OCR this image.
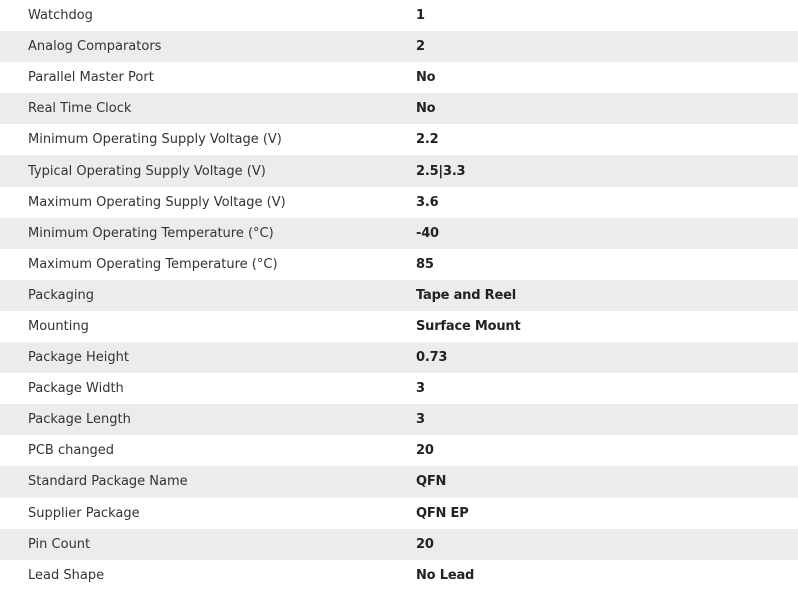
Watchdog	1
Analog Comparators	2
Parallel Master Port	No
Real Time Clock	No
Minimum Operating Supply Voltage (V)	2.2
Typical Operating Supply Voltage (V)	2.5|3.3
Maximum Operating Supply Voltage (V)	3.6
Minimum Operating Temperature (°C)	-40
Maximum Operating Temperature (°C)	85
Packaging	Tape and Reel
Mounting	Surface Mount
Package Height	0.73
Package Width	3
Package Length	3
PCB changed	20
Standard Package Name	QFN
Supplier Package	QFN EP
Pin Count	20
Lead Shape	No Lead
